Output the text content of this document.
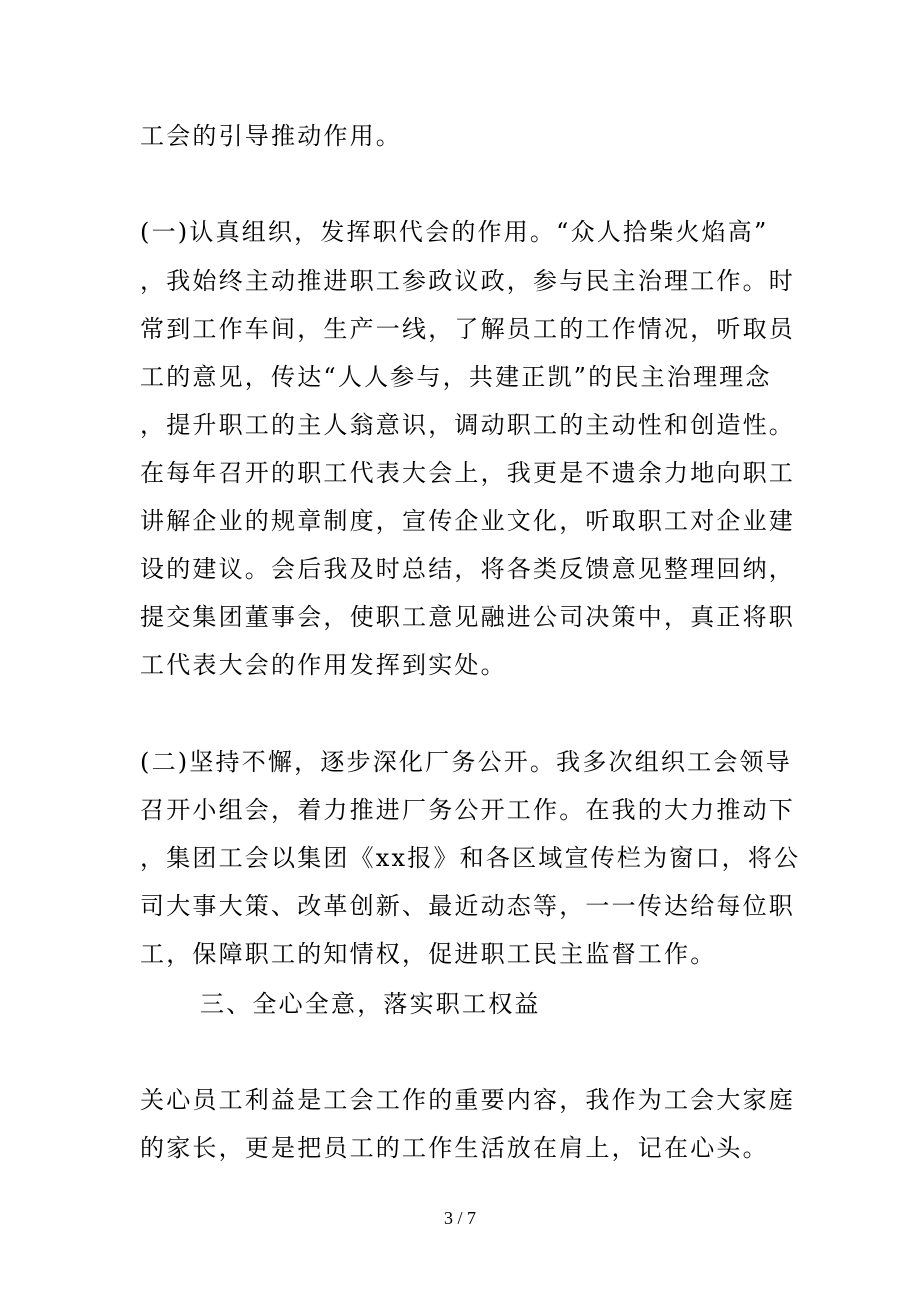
工会的引导推动作用。
(一)认真组织，发挥职代会的作用。“众人拾柴火焰高”
，我始终主动推进职工参政议政，参与民主治理工作。时
常到工作车间，生产一线，了解员工的工作情况，听取员
工的意见，传达“人人参与，共建正凯”的民主治理理念
，提升职工的主人翁意识，调动职工的主动性和创造性。
在每年召开的职工代表大会上，我更是不遗余力地向职工
讲解企业的规章制度，宣传企业文化，听取职工对企业建
设的建议。会后我及时总结，将各类反馈意见整理回纳，
提交集团董事会，使职工意见融进公司决策中，真正将职
工代表大会的作用发挥到实处。
(二)坚持不懈，逐步深化厂务公开。我多次组织工会领导
召开小组会，着力推进厂务公开工作。在我的大力推动下
，集团工会以集团《xx报》和各区域宣传栏为窗口，将公
司大事大策、改革创新、最近动态等，一一传达给每位职
工，保障职工的知情权，促进职工民主监督工作。
三、全心全意，落实职工权益
关心员工利益是工会工作的重要内容，我作为工会大家庭
的家长，更是把员工的工作生活放在肩上，记在心头。
3 / 7
